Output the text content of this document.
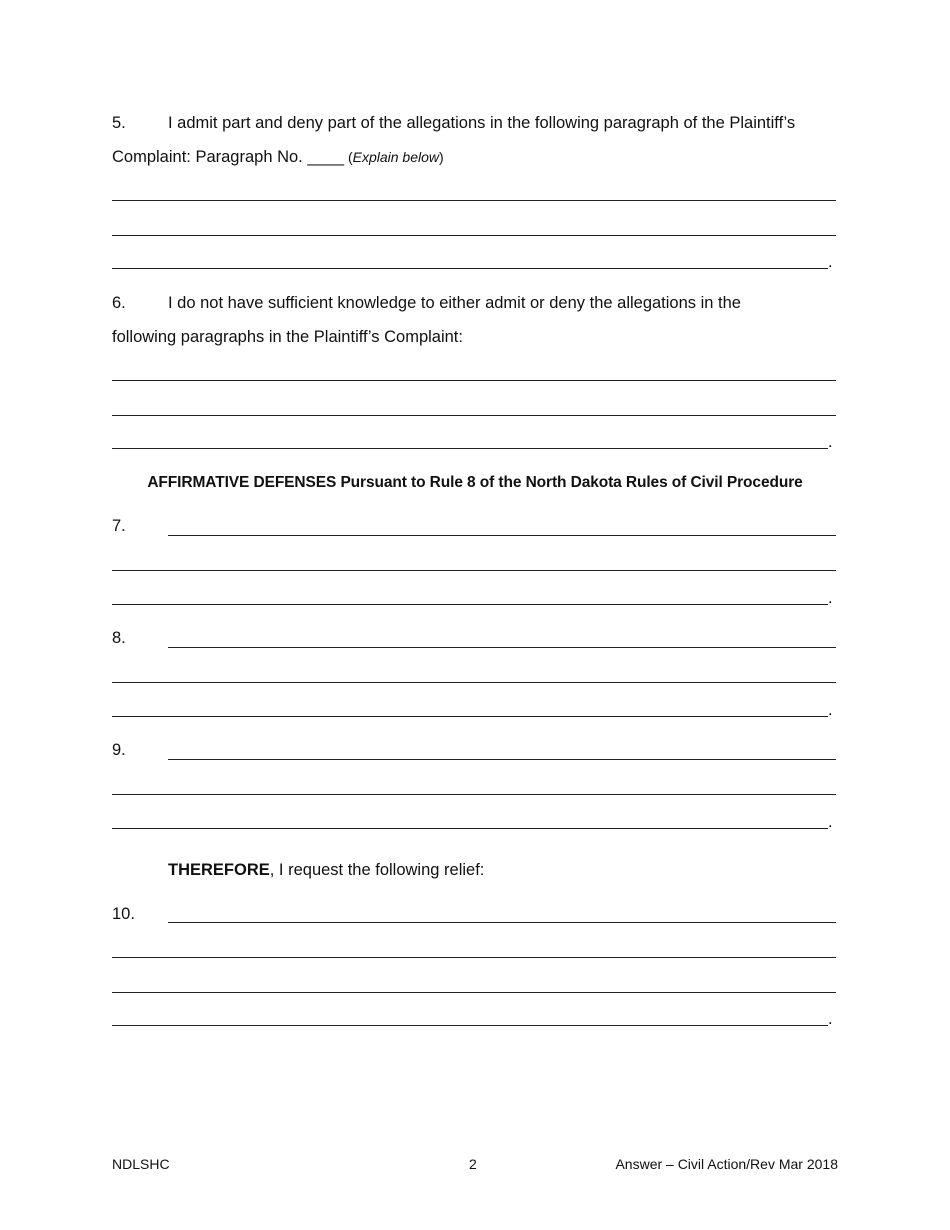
5.	I admit part and deny part of the allegations in the following paragraph of the Plaintiff’s
Complaint: Paragraph No. ____ (Explain below)
.
6.	I do not have sufficient knowledge to either admit or deny the allegations in the
following paragraphs in the Plaintiff’s Complaint:
.
AFFIRMATIVE DEFENSES Pursuant to Rule 8 of the North Dakota Rules of Civil Procedure
7.
.
8.
.
9.
.
THEREFORE, I request the following relief:
10.
.
NDLSHC	2	Answer – Civil Action/Rev Mar 2018
